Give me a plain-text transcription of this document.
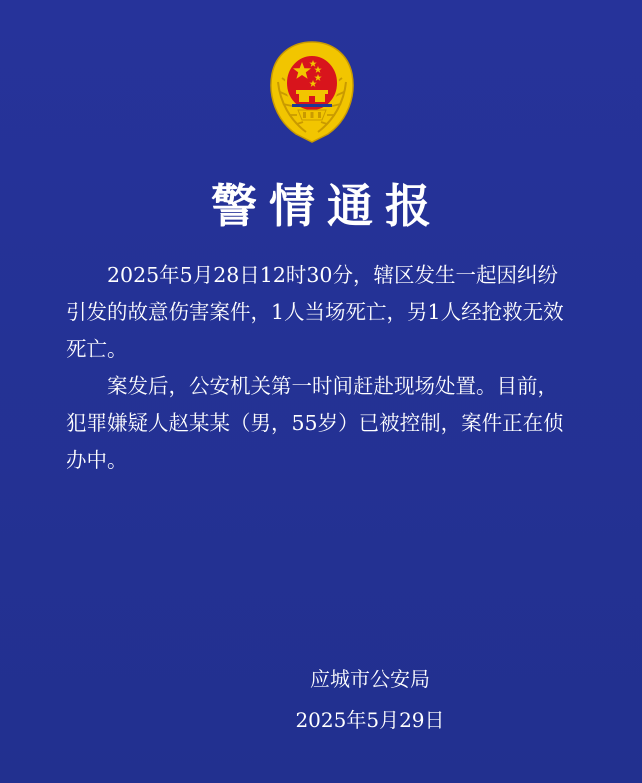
警情通报

2025年5月28日12时30分，辖区发生一起因纠纷引发的故意伤害案件，1人当场死亡，另1人经抢救无效死亡。

案发后，公安机关第一时间赶赴现场处置。目前，犯罪嫌疑人赵某某（男，55岁）已被控制，案件正在侦办中。

应城市公安局
2025年5月29日
